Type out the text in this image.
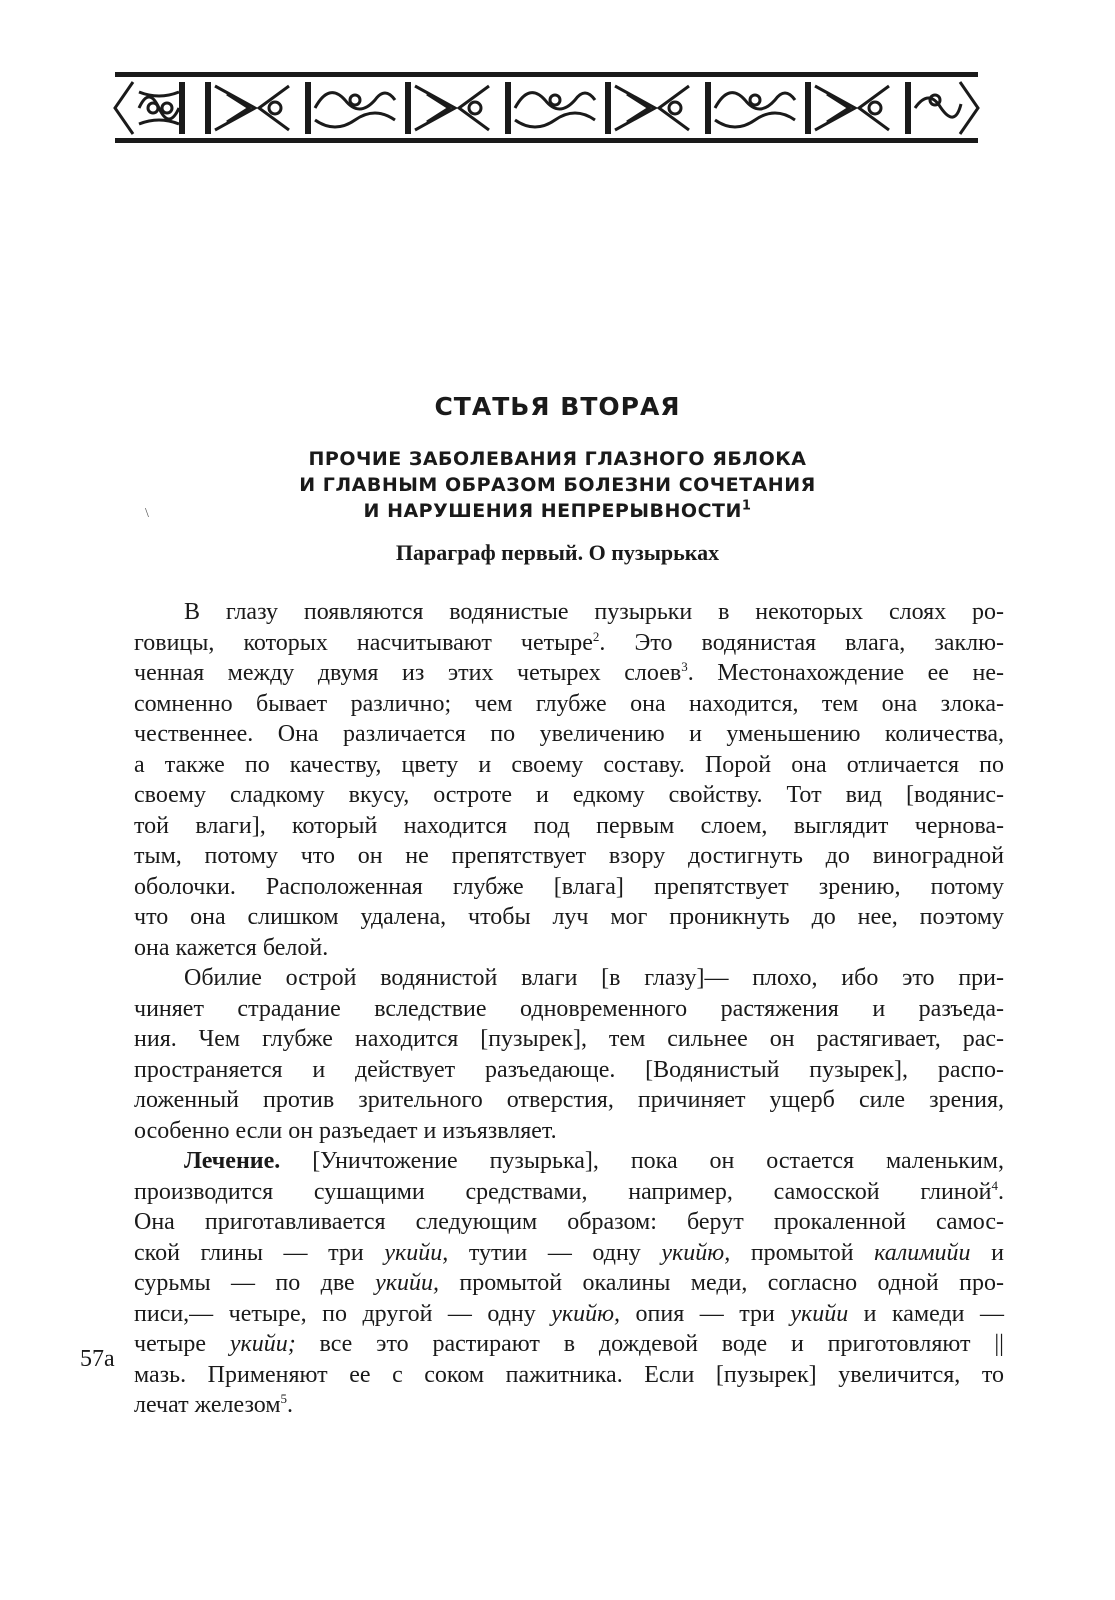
СТАТЬЯ ВТОРАЯ
ПРОЧИЕ ЗАБОЛЕВАНИЯ ГЛАЗНОГО ЯБЛОКА
И ГЛАВНЫМ ОБРАЗОМ БОЛЕЗНИ СОЧЕТАНИЯ
И НАРУШЕНИЯ НЕПРЕРЫВНОСТИ$^1$
\
Параграф первый. О пузырьках
57а
В глазу появляются водянистые пузырьки в некоторых слоях ро-
говицы, которых насчитывают четыре$^2$. Это водянистая влага, заклю-
ченная между двумя из этих четырех слоев$^3$. Местонахождение ее не-
сомненно бывает различно; чем глубже она находится, тем она злока-
чественнее. Она различается по увеличению и уменьшению количества,
а также по качеству, цвету и своему составу. Порой она отличается по
своему сладкому вкусу, остроте и едкому свойству. Тот вид [водянис-
той влаги], который находится под первым слоем, выглядит чернова-
тым, потому что он не препятствует взору достигнуть до виноградной
оболочки. Расположенная глубже [влага] препятствует зрению, потому
что она слишком удалена, чтобы луч мог проникнуть до нее, поэтому
она кажется белой.
Обилие острой водянистой влаги [в глазу]— плохо, ибо это при-
чиняет страдание вследствие одновременного растяжения и разъеда-
ния. Чем глубже находится [пузырек], тем сильнее он растягивает, рас-
пространяется и действует разъедающе. [Водянистый пузырек], распо-
ложенный против зрительного отверстия, причиняет ущерб силе зрения,
особенно если он разъедает и изъязвляет.
Лечение. [Уничтожение пузырька], пока он остается маленьким,
производится сушащими средствами, например, самосской глиной$^4$.
Она приготавливается следующим образом: берут прокаленной самос-
ской глины — три укийи, тутии — одну укийю, промытой калимийи и
сурьмы — по две укийи, промытой окалины меди, согласно одной про-
писи,— четыре, по другой — одну укийю, опия — три укийи и камеди —
четыре укийи; все это растирают в дождевой воде и приготовляют ||
мазь. Применяют ее с соком пажитника. Если [пузырек] увеличится, то
лечат железом$^5$.
